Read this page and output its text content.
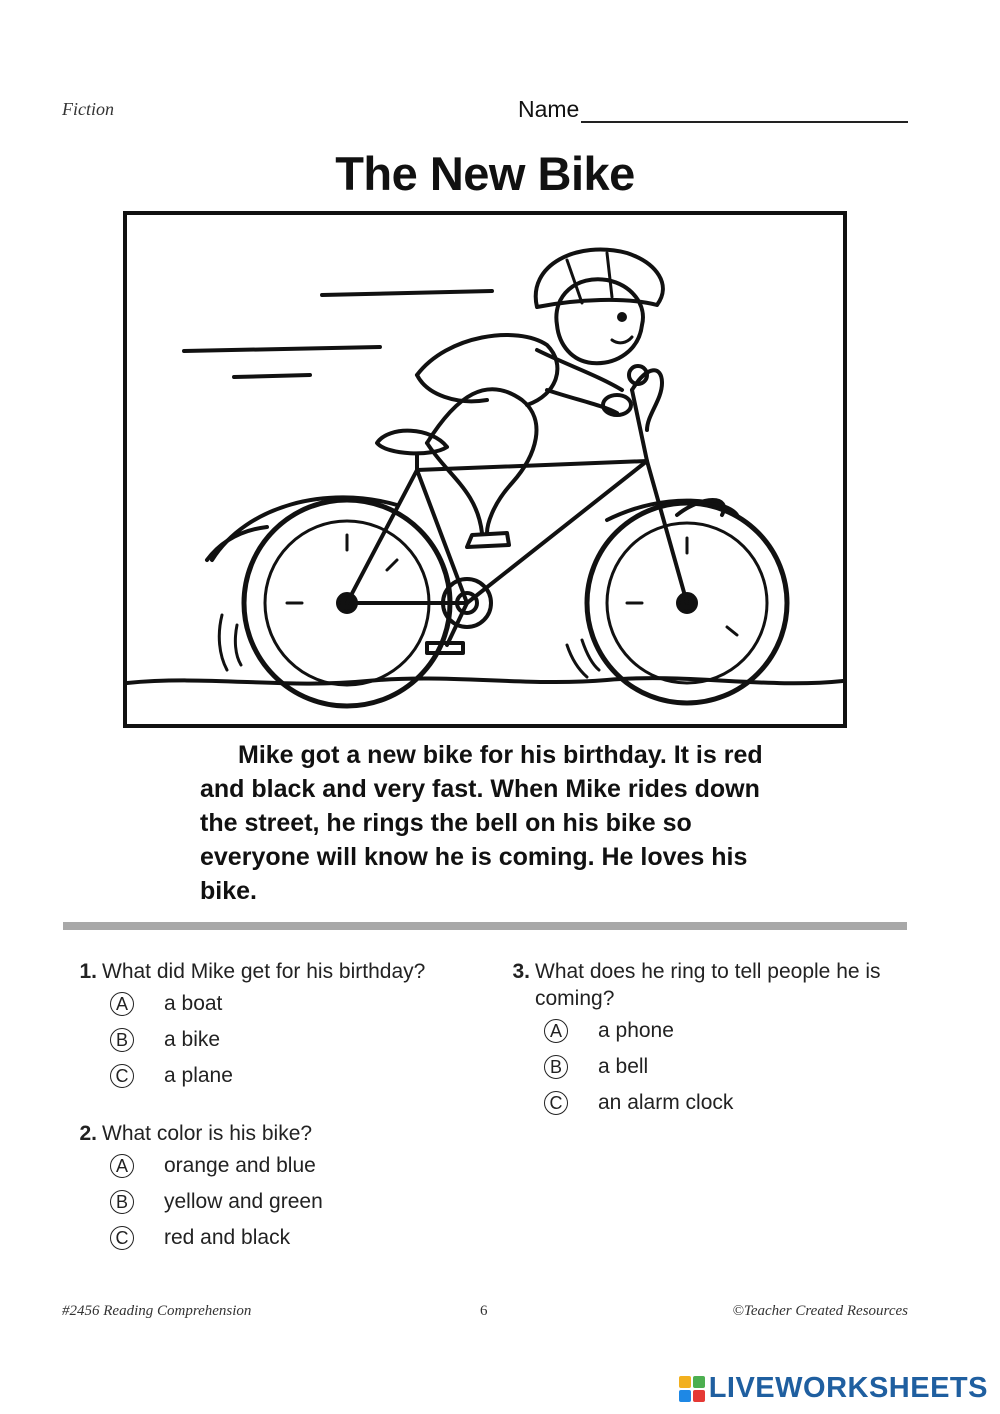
Fiction	Name
The New Bike

Mike got a new bike for his birthday. It is red and black and very fast. When Mike rides down the street, he rings the bell on his bike so everyone will know he is coming. He loves his bike.

1. What did Mike get for his birthday?
A a boat
B a bike
C a plane
2. What color is his bike?
A orange and blue
B yellow and green
C red and black
3. What does he ring to tell people he is coming?
A a phone
B a bell
C an alarm clock
#2456 Reading Comprehension	6	©Teacher Created Resources
LIVEWORKSHEETS
